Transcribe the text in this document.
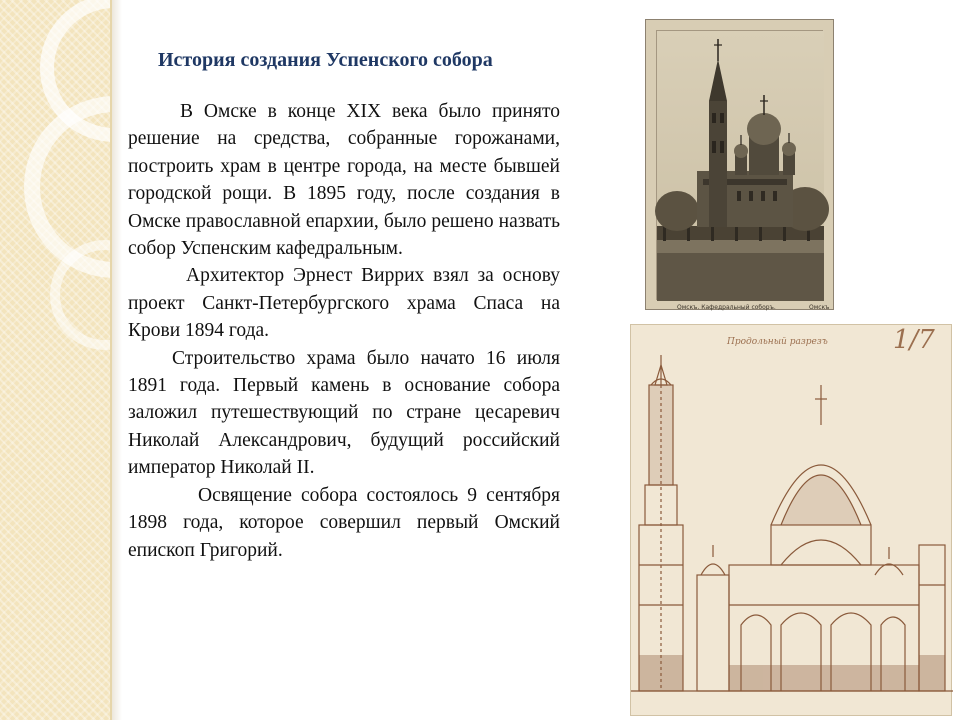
История создания Успенского собора

В Омске в конце XIX века было принято решение на средства, собранные горожанами, построить храм в центре города, на месте бывшей городской рощи. В 1895 году, после создания в Омске православной епархии, было решено назвать собор Успенским кафедральным.

Архитектор Эрнест Виррих взял за основу проект Санкт-Петербургского храма Спаса на Крови 1894 года.

Строительство храма было начато 16 июля 1891 года. Первый камень в основание собора заложил путешествующий по стране цесаревич Николай Александрович, будущий российский император Николай II.

Освящение собора состоялось 9 сентября 1898 года, которое совершил первый Омский епископ Григорий.

Омскъ. Кафедральный соборъ.	Омскъ
Продольный разрезъ	1/7
